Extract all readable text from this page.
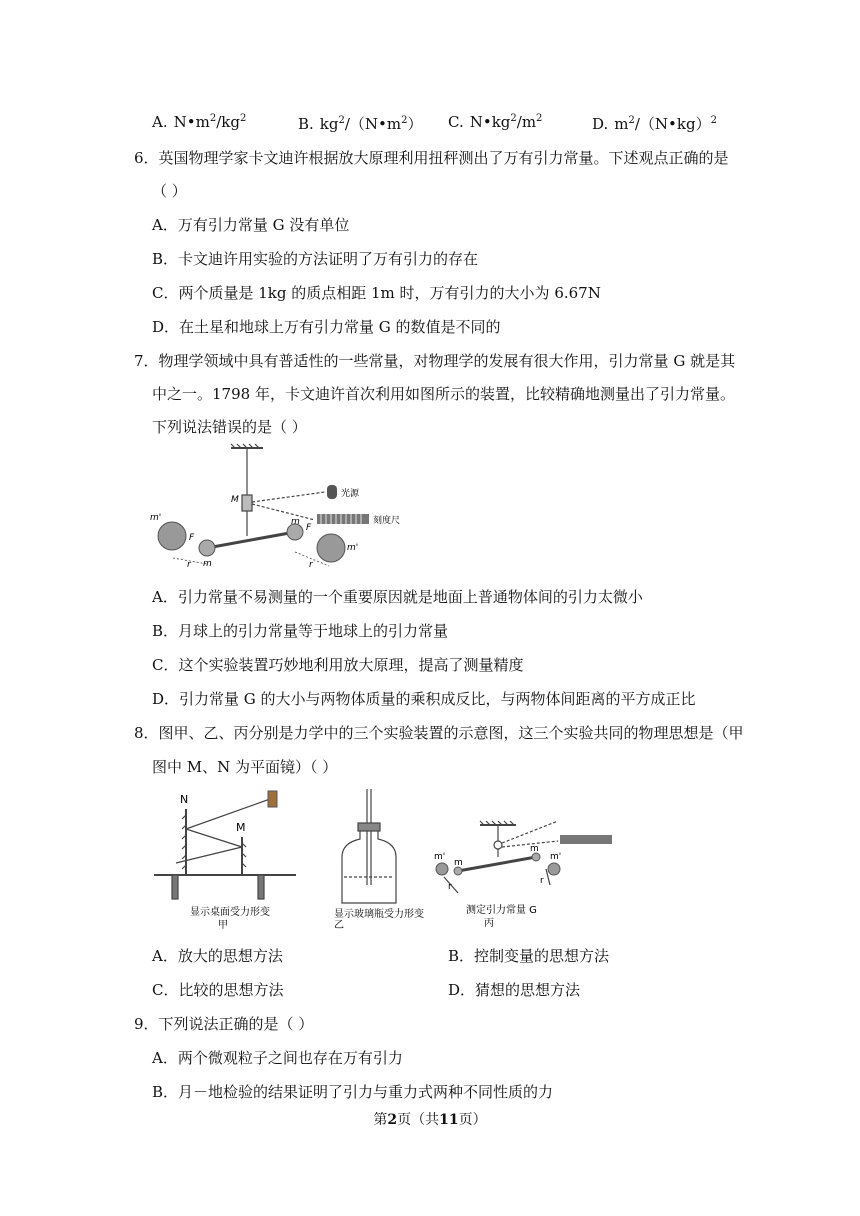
A. $N•m^2/kg^2$	B. $kg^2/(N•m^2)$ C. $N•kg^2/m^2$	D. $m^2/(N•kg)^2$
6．英国物理学家卡文迪许根据放大原理利用扭秤测出了万有引力常量。下述观点正确的是
（ ）
A．万有引力常量 G 没有单位
B．卡文迪许用实验的方法证明了万有引力的存在
C．两个质量是 1kg 的质点相距 1m 时，万有引力的大小为 6.67N
D．在土星和地球上万有引力常量 G 的数值是不同的
7．物理学领域中具有普适性的一些常量，对物理学的发展有很大作用，引力常量 G 就是其
中之一。1798 年，卡文迪许首次利用如图所示的装置，比较精确地测量出了引力常量。
下列说法错误的是（ ）
M
光源
刻度尺
m'
m'
F
F
m
m
r	r
A．引力常量不易测量的一个重要原因就是地面上普通物体间的引力太微小
B．月球上的引力常量等于地球上的引力常量
C．这个实验装置巧妙地利用放大原理，提高了测量精度
D．引力常量 G 的大小与两物体质量的乘积成反比，与两物体间距离的平方成正比
8．图甲、乙、丙分别是力学中的三个实验装置的示意图，这三个实验共同的物理思想是（甲
图中 M、N 为平面镜）（ ）
N
M
显示桌面受力形变
甲
显示玻璃瓶受力形变
乙
m'
m
m
m'
r
r
测定引力常量 G
丙
A．放大的思想方法	B．控制变量的思想方法
C．比较的思想方法	D．猜想的思想方法
9．下列说法正确的是（ ）
A．两个微观粒子之间也存在万有引力
B．月－地检验的结果证明了引力与重力式两种不同性质的力
第2页（共11页）
